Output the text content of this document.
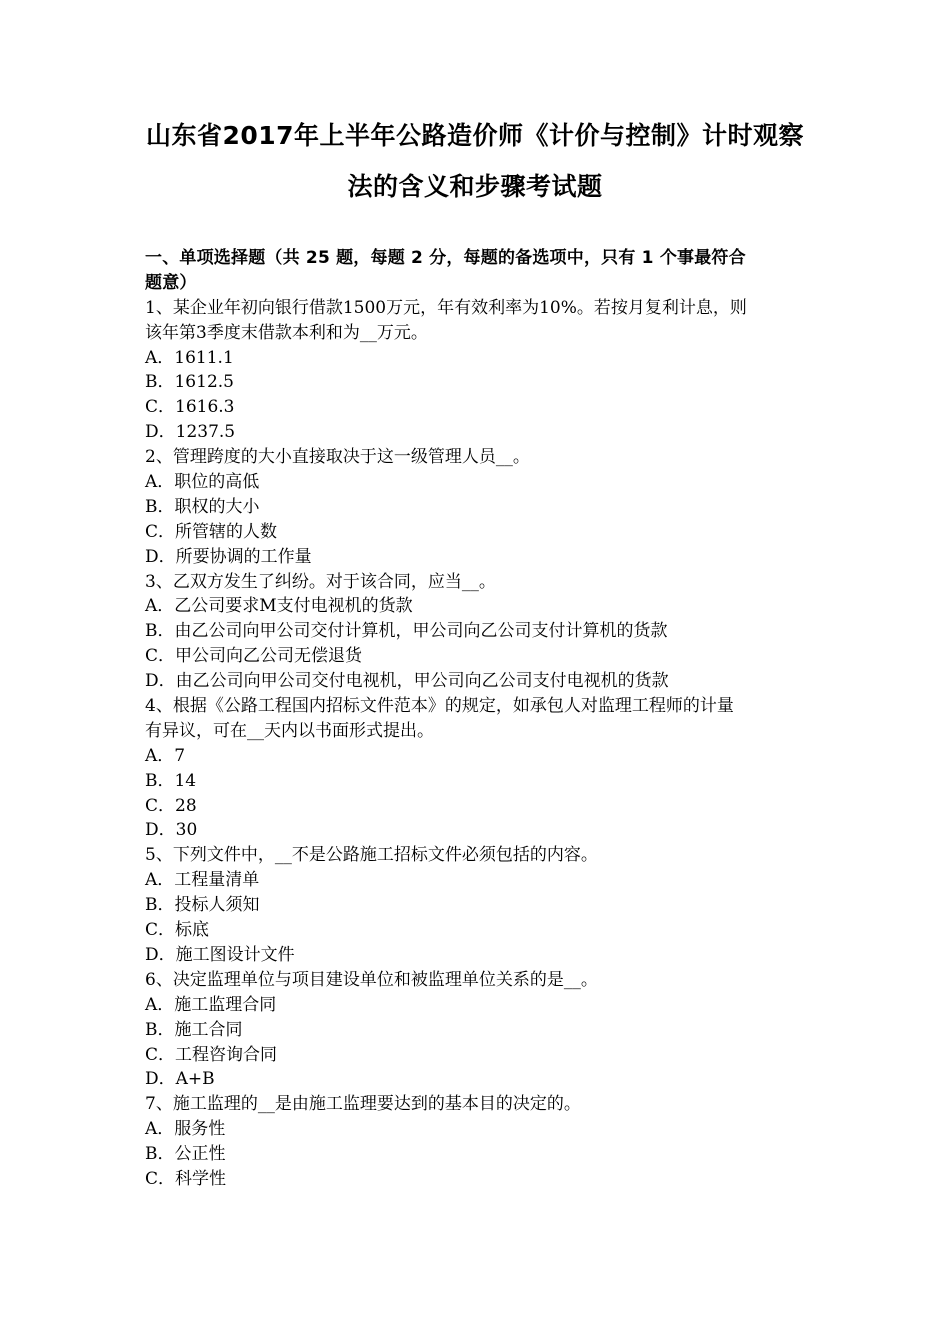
山东省2017年上半年公路造价师《计价与控制》计时观察
法的含义和步骤考试题
一、单项选择题（共 25 题，每题 2 分，每题的备选项中，只有 1 个事最符合
题意）
1、某企业年初向银行借款1500万元，年有效利率为10%。若按月复利计息，则
该年第3季度末借款本利和为__万元。
A．1611.1
B．1612.5
C．1616.3
D．1237.5
2、管理跨度的大小直接取决于这一级管理人员__。
A．职位的高低
B．职权的大小
C．所管辖的人数
D．所要协调的工作量
3、乙双方发生了纠纷。对于该合同，应当__。
A．乙公司要求M支付电视机的货款
B．由乙公司向甲公司交付计算机，甲公司向乙公司支付计算机的货款
C．甲公司向乙公司无偿退货
D．由乙公司向甲公司交付电视机，甲公司向乙公司支付电视机的货款
4、根据《公路工程国内招标文件范本》的规定，如承包人对监理工程师的计量
有异议，可在__天内以书面形式提出。
A．7
B．14
C．28
D．30
5、下列文件中，__不是公路施工招标文件必须包括的内容。
A．工程量清单
B．投标人须知
C．标底
D．施工图设计文件
6、决定监理单位与项目建设单位和被监理单位关系的是__。
A．施工监理合同
B．施工合同
C．工程咨询合同
D．A+B
7、施工监理的__是由施工监理要达到的基本目的决定的。
A．服务性
B．公正性
C．科学性
